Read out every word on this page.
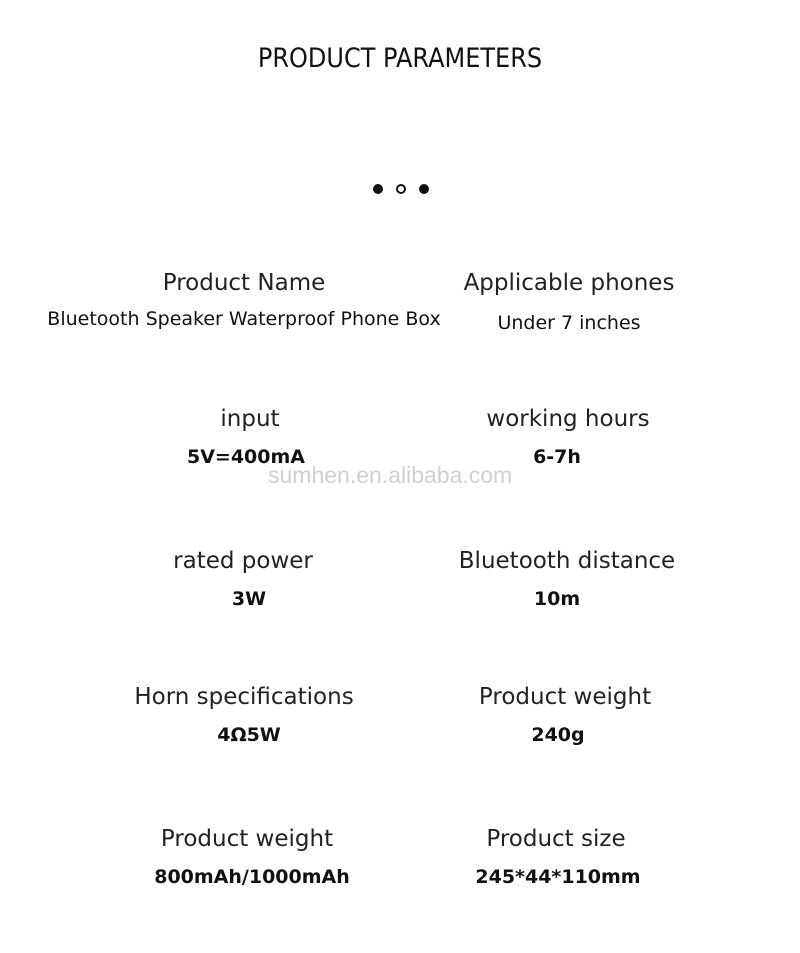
PRODUCT PARAMETERS
Product Name
Bluetooth Speaker Waterproof Phone Box
Applicable phones
Under 7 inches
input
5V=400mA
working hours
6-7h
rated power
3W
Bluetooth distance
10m
Horn specifications
4Ω5W
Product weight
240g
Product weight
800mAh/1000mAh
Product size
245*44*110mm
sumhen.en.alibaba.com
